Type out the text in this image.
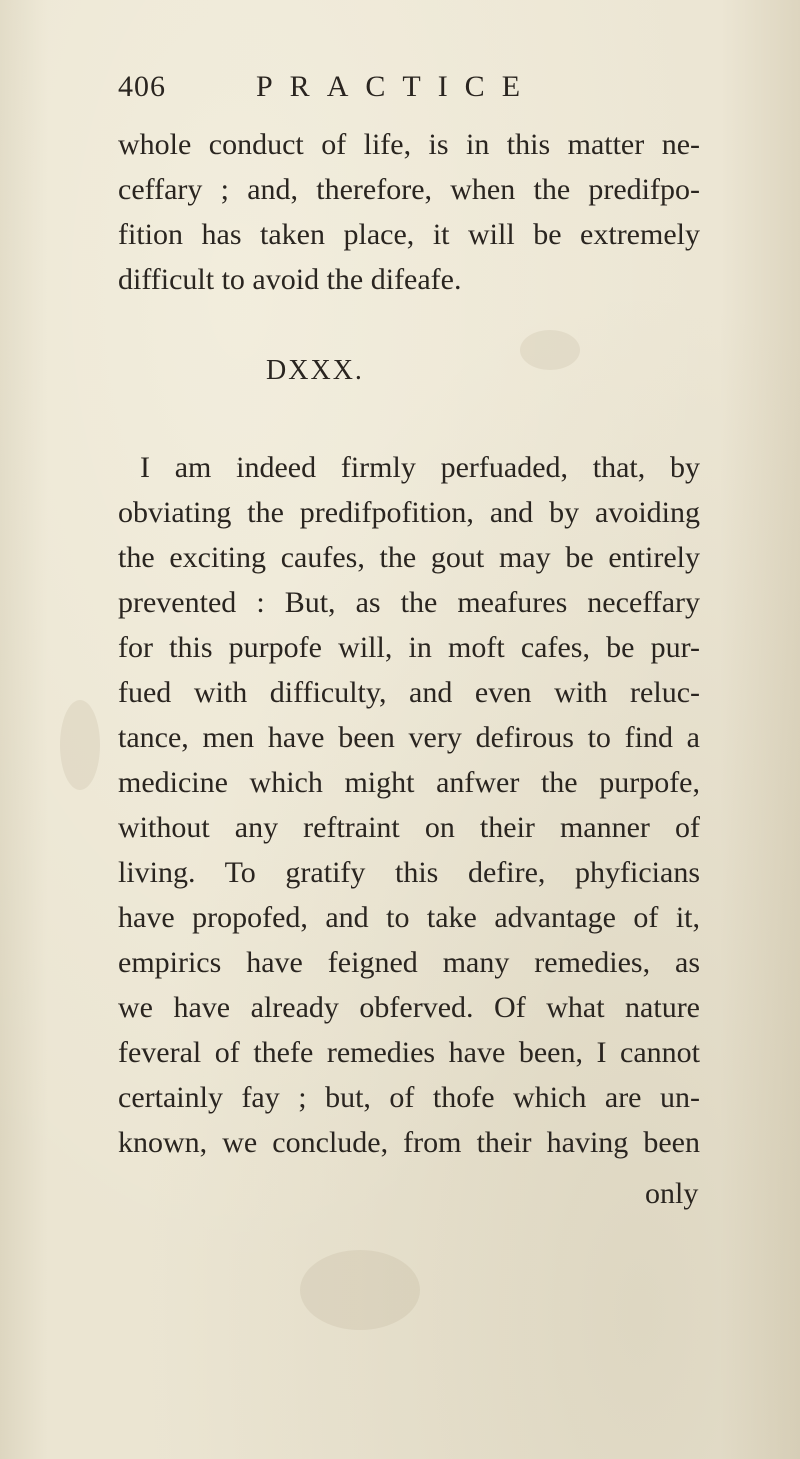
406	PRACTICE
whole conduct of life, is in this matter ne-
ceffary ; and, therefore, when the predifpo-
fition has taken place, it will be extremely
difficult to avoid the difeafe.
DXXX.
I am indeed firmly perfuaded, that, by
obviating the predifpofition, and by avoiding
the exciting caufes, the gout may be entirely
prevented : But, as the meafures neceffary
for this purpofe will, in moft cafes, be pur-
fued with difficulty, and even with reluc-
tance, men have been very defirous to find a
medicine which might anfwer the purpofe,
without any reftraint on their manner of
living. To gratify this defire, phyficians
have propofed, and to take advantage of it,
empirics have feigned many remedies, as
we have already obferved. Of what nature
feveral of thefe remedies have been, I cannot
certainly fay ; but, of thofe which are un-
known, we conclude, from their having been
only
